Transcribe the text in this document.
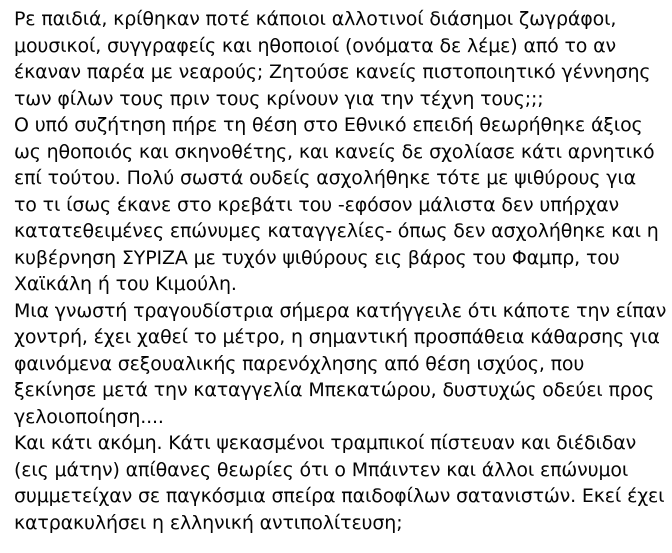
Ρε παιδιά, κρίθηκαν ποτέ κάποιοι αλλοτινοί διάσημοι ζωγράφοι,
μουσικοί, συγγραφείς και ηθοποιοί (ονόματα δε λέμε) από το αν
έκαναν παρέα με νεαρούς; Ζητούσε κανείς πιστοποιητικό γέννησης
των φίλων τους πριν τους κρίνουν για την τέχνη τους;;;
Ο υπό συζήτηση πήρε τη θέση στο Εθνικό επειδή θεωρήθηκε άξιος
ως ηθοποιός και σκηνοθέτης, και κανείς δε σχολίασε κάτι αρνητικό
επί τούτου. Πολύ σωστά ουδείς ασχολήθηκε τότε με ψιθύρους για
το τι ίσως έκανε στο κρεβάτι του -εφόσον μάλιστα δεν υπήρχαν
κατατεθειμένες επώνυμες καταγγελίες- όπως δεν ασχολήθηκε και η
κυβέρνηση ΣΥΡΙΖΑ με τυχόν ψιθύρους εις βάρος του Φαμπρ, του
Χαϊκάλη ή του Κιμούλη.
Μια γνωστή τραγουδίστρια σήμερα κατήγγειλε ότι κάποτε την είπαν
χοντρή, έχει χαθεί το μέτρο, η σημαντική προσπάθεια κάθαρσης για
φαινόμενα σεξουαλικής παρενόχλησης από θέση ισχύος, που
ξεκίνησε μετά την καταγγελία Μπεκατώρου, δυστυχώς οδεύει προς
γελοιοποίηση....
Και κάτι ακόμη. Κάτι ψεκασμένοι τραμπικοί πίστευαν και διέδιδαν
(εις μάτην) απίθανες θεωρίες ότι ο Μπάιντεν και άλλοι επώνυμοι
συμμετείχαν σε παγκόσμια σπείρα παιδοφίλων σατανιστών. Εκεί έχει
κατρακυλήσει η ελληνική αντιπολίτευση;
